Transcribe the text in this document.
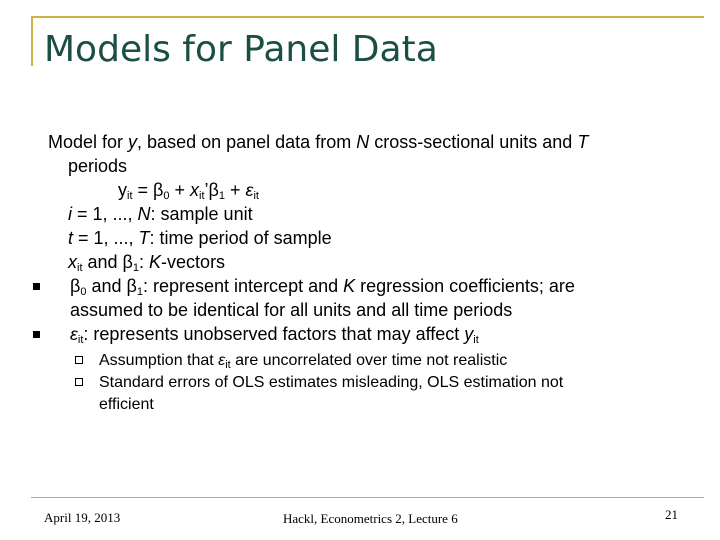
Models for Panel Data
Model for y, based on panel data from N cross-sectional units and T
periods
$y_{it} = \beta_0$ + $x_{it}’\beta_1 + \varepsilon_{it}$
i = 1, ..., N: sample unit
t = 1, ..., T: time period of sample
$x_{it}$ and $\beta_1$: K-vectors
$\beta_0$ and $\beta_1$: represent intercept and K regression coefficients; are
assumed to be identical for all units and all time periods
$\varepsilon_{it}$: represents unobserved factors that may affect $y_{it}$
Assumption that $\varepsilon_{it}$ are uncorrelated over time not realistic
Standard errors of OLS estimates misleading, OLS estimation not
efficient
April 19, 2013	Hackl, Econometrics 2, Lecture 6	21
